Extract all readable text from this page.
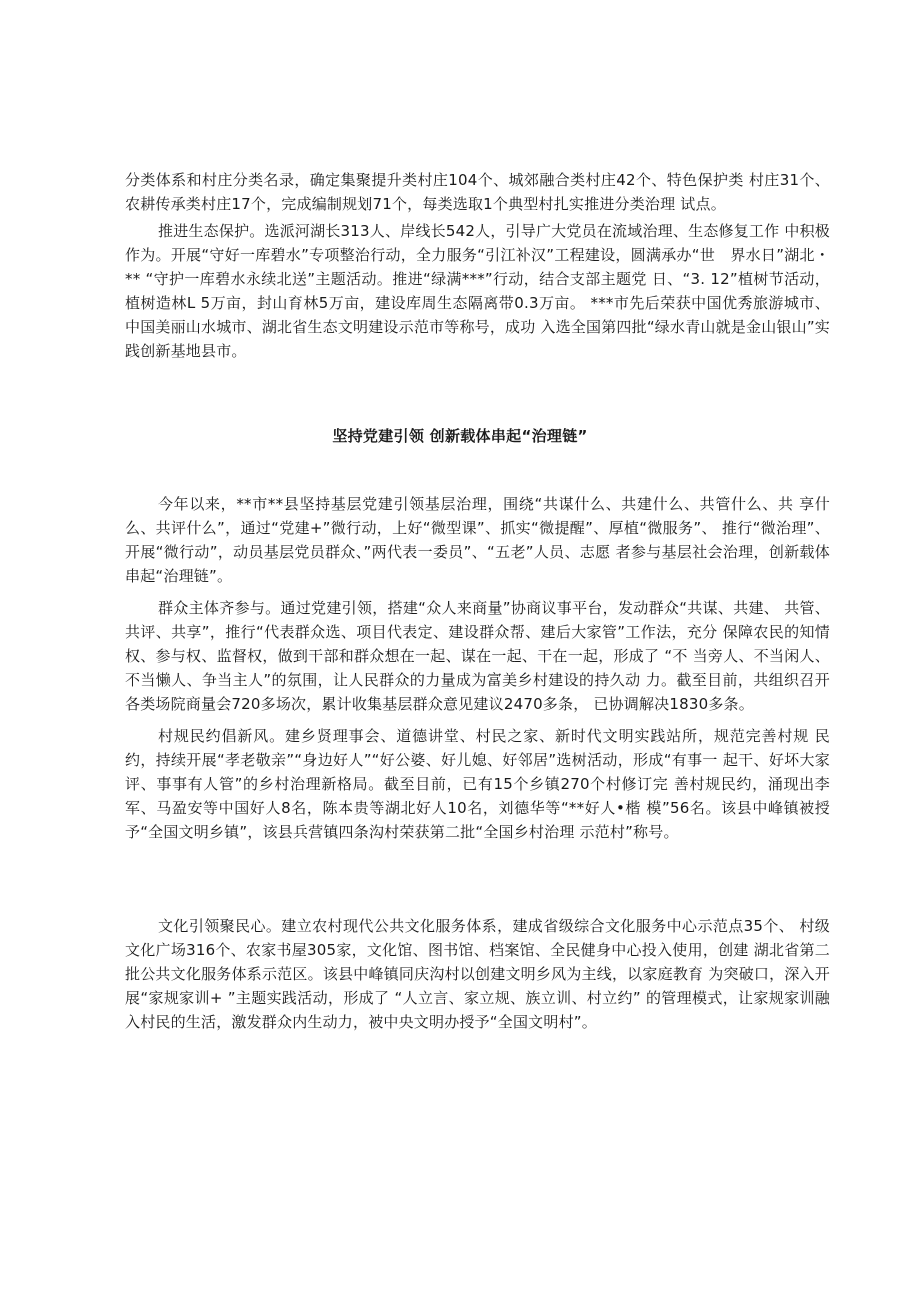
分类体系和村庄分类名录，确定集聚提升类村庄104个、城郊融合类村庄42个、特色保护类 村庄31个、农耕传承类村庄17个，完成编制规划71个，每类选取1个典型村扎实推进分类治理 试点。

推进生态保护。选派河湖长313人、岸线长542人，引导广大党员在流域治理、生态修复工作 中积极作为。开展“守好一库碧水”专项整治行动，全力服务“引江补汉”工程建设，圆满承办“世　界水日”湖北・** “守护一库碧水永续北送”主题活动。推进“绿满***”行动，结合支部主题党 日、“3. 12”植树节活动，植树造林L 5万亩，封山育林5万亩，建设库周生态隔离带0.3万亩。 ***市先后荣获中国优秀旅游城市、中国美丽山水城市、湖北省生态文明建设示范市等称号，成功 入选全国第四批“绿水青山就是金山银山”实践创新基地县市。

坚持党建引领 创新载体串起“治理链”

今年以来，**市**县坚持基层党建引领基层治理，围绕“共谋什么、共建什么、共管什么、共 享什么、共评什么”，通过“党建+”微行动，上好“微型课”、抓实“微提醒”、厚植“微服务”、 推行“微治理”、开展“微行动”，动员基层党员群众、”两代表一委员”、“五老”人员、志愿 者参与基层社会治理，创新载体串起“治理链”。

群众主体齐参与。通过党建引领，搭建“众人来商量”协商议事平台，发动群众“共谋、共建、 共管、共评、共享”，推行“代表群众选、项目代表定、建设群众帮、建后大家管”工作法，充分 保障农民的知情权、参与权、监督权，做到干部和群众想在一起、谋在一起、干在一起，形成了 “不 当旁人、不当闲人、不当懒人、争当主人”的氛围，让人民群众的力量成为富美乡村建设的持久动 力。截至目前，共组织召开各类场院商量会720多场次，累计收集基层群众意见建议2470多条， 已协调解决1830多条。

村规民约倡新风。建乡贤理事会、道德讲堂、村民之家、新时代文明实践站所，规范完善村规 民约，持续开展“孝老敬亲”“身边好人”“好公婆、好儿媳、好邻居”选树活动，形成“有事一 起干、好坏大家评、事事有人管”的乡村治理新格局。截至目前，已有15个乡镇270个村修订完 善村规民约，涌现出李军、马盈安等中国好人8名，陈本贵等湖北好人10名，刘德华等“**好人•楷 模”56名。该县中峰镇被授予“全国文明乡镇”，该县兵营镇四条沟村荣获第二批“全国乡村治理 示范村”称号。

文化引领聚民心。建立农村现代公共文化服务体系，建成省级综合文化服务中心示范点35个、 村级文化广场316个、农家书屋305家，文化馆、图书馆、档案馆、全民健身中心投入使用，创建 湖北省第二批公共文化服务体系示范区。该县中峰镇同庆沟村以创建文明乡风为主线，以家庭教育 为突破口，深入开展“家规家训+ ”主题实践活动，形成了 “人立言、家立规、族立训、村立约” 的管理模式，让家规家训融入村民的生活，激发群众内生动力，被中央文明办授予“全国文明村”。
